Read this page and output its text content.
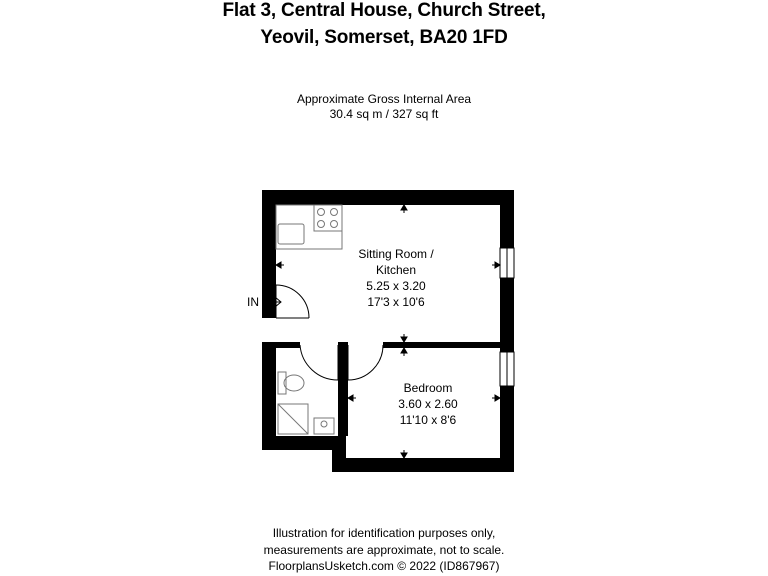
Flat 3, Central House, Church Street,
Yeovil, Somerset, BA20 1FD
Approximate Gross Internal Area
30.4 sq m / 327 sq ft
IN
Sitting Room /
Kitchen
5.25 x 3.20
17'3 x 10'6
Bedroom
3.60 x 2.60
11'10 x 8'6
Illustration for identification purposes only,
measurements are approximate, not to scale.
FloorplansUsketch.com © 2022 (ID867967)
